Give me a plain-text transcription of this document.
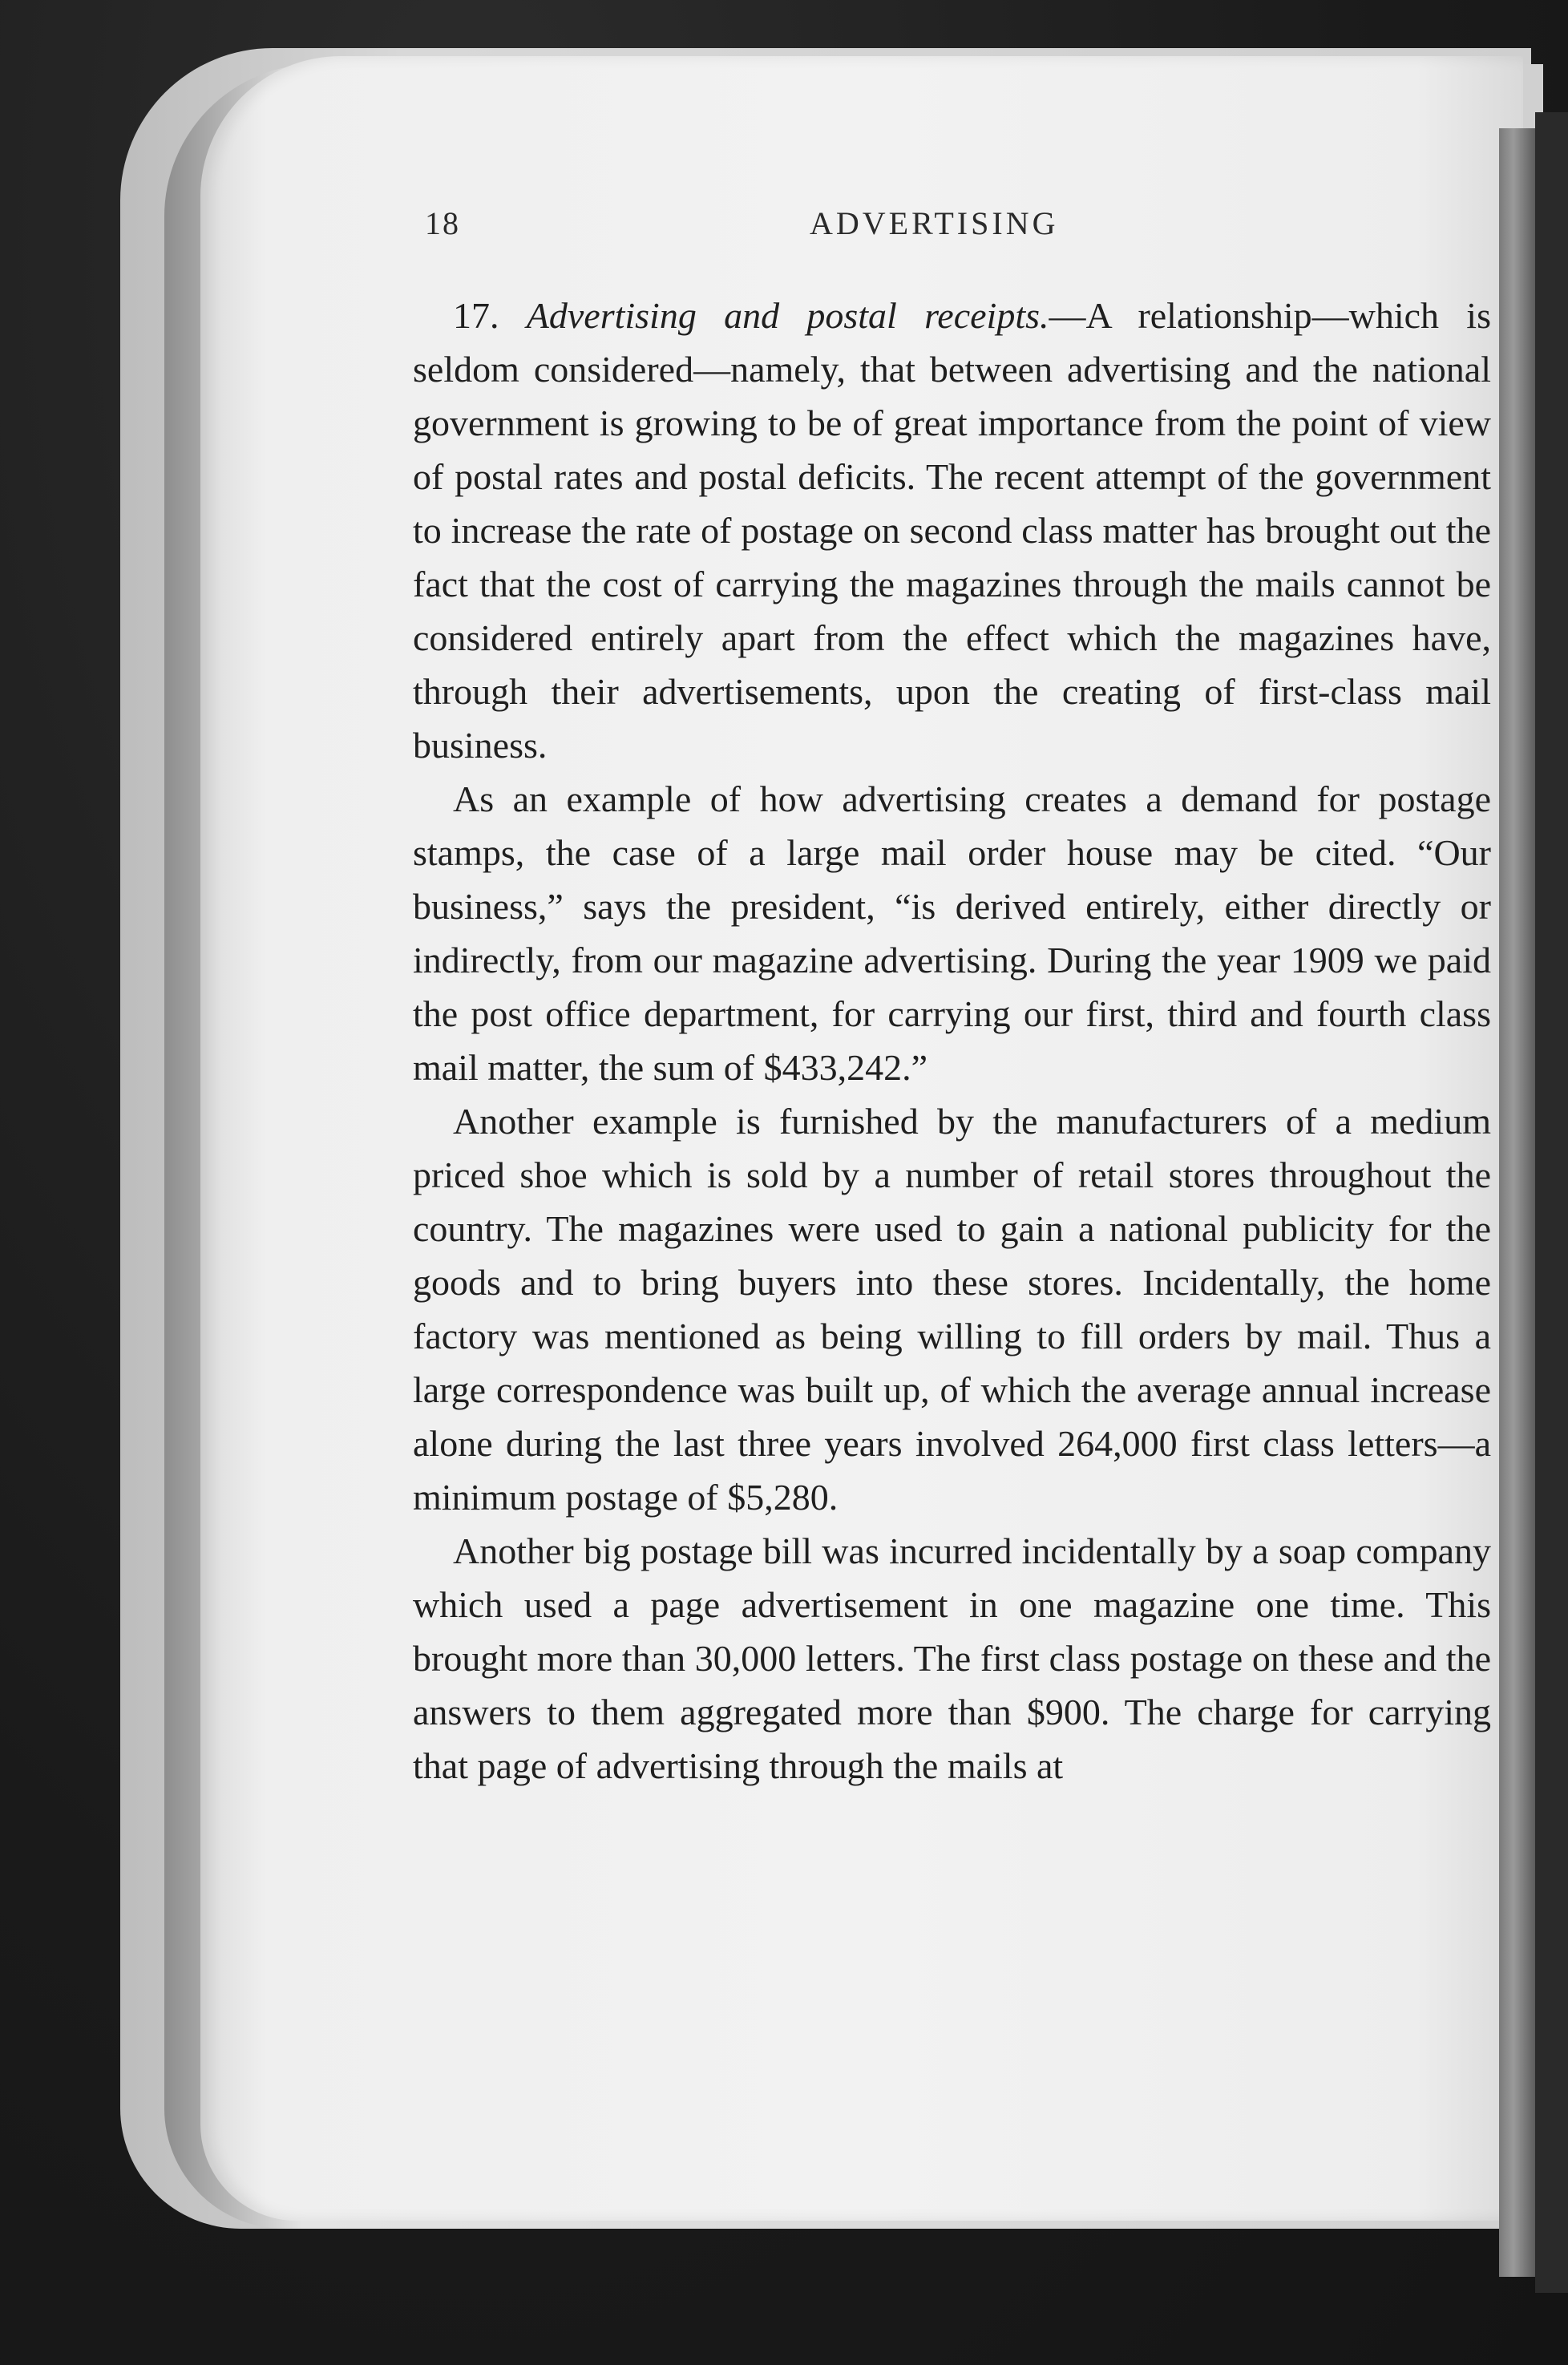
18	ADVERTISING

17. Advertising and postal receipts.—A relationship—which is seldom considered—namely, that between advertising and the national government is growing to be of great importance from the point of view of postal rates and postal deficits. The recent attempt of the government to increase the rate of postage on second class matter has brought out the fact that the cost of carrying the magazines through the mails cannot be considered entirely apart from the effect which the magazines have, through their advertisements, upon the creating of first-class mail business.

As an example of how advertising creates a demand for postage stamps, the case of a large mail order house may be cited. “Our business,” says the president, “is derived entirely, either directly or indirectly, from our magazine advertising. During the year 1909 we paid the post office department, for carrying our first, third and fourth class mail matter, the sum of $433,242.”

Another example is furnished by the manufacturers of a medium priced shoe which is sold by a number of retail stores throughout the country. The magazines were used to gain a national publicity for the goods and to bring buyers into these stores. Incidentally, the home factory was mentioned as being willing to fill orders by mail. Thus a large correspondence was built up, of which the average annual increase alone during the last three years involved 264,000 first class letters—a minimum postage of $5,280.

Another big postage bill was incurred incidentally by a soap company which used a page advertisement in one magazine one time. This brought more than 30,000 letters. The first class postage on these and the answers to them aggregated more than $900. The charge for carrying that page of advertising through the mails at
